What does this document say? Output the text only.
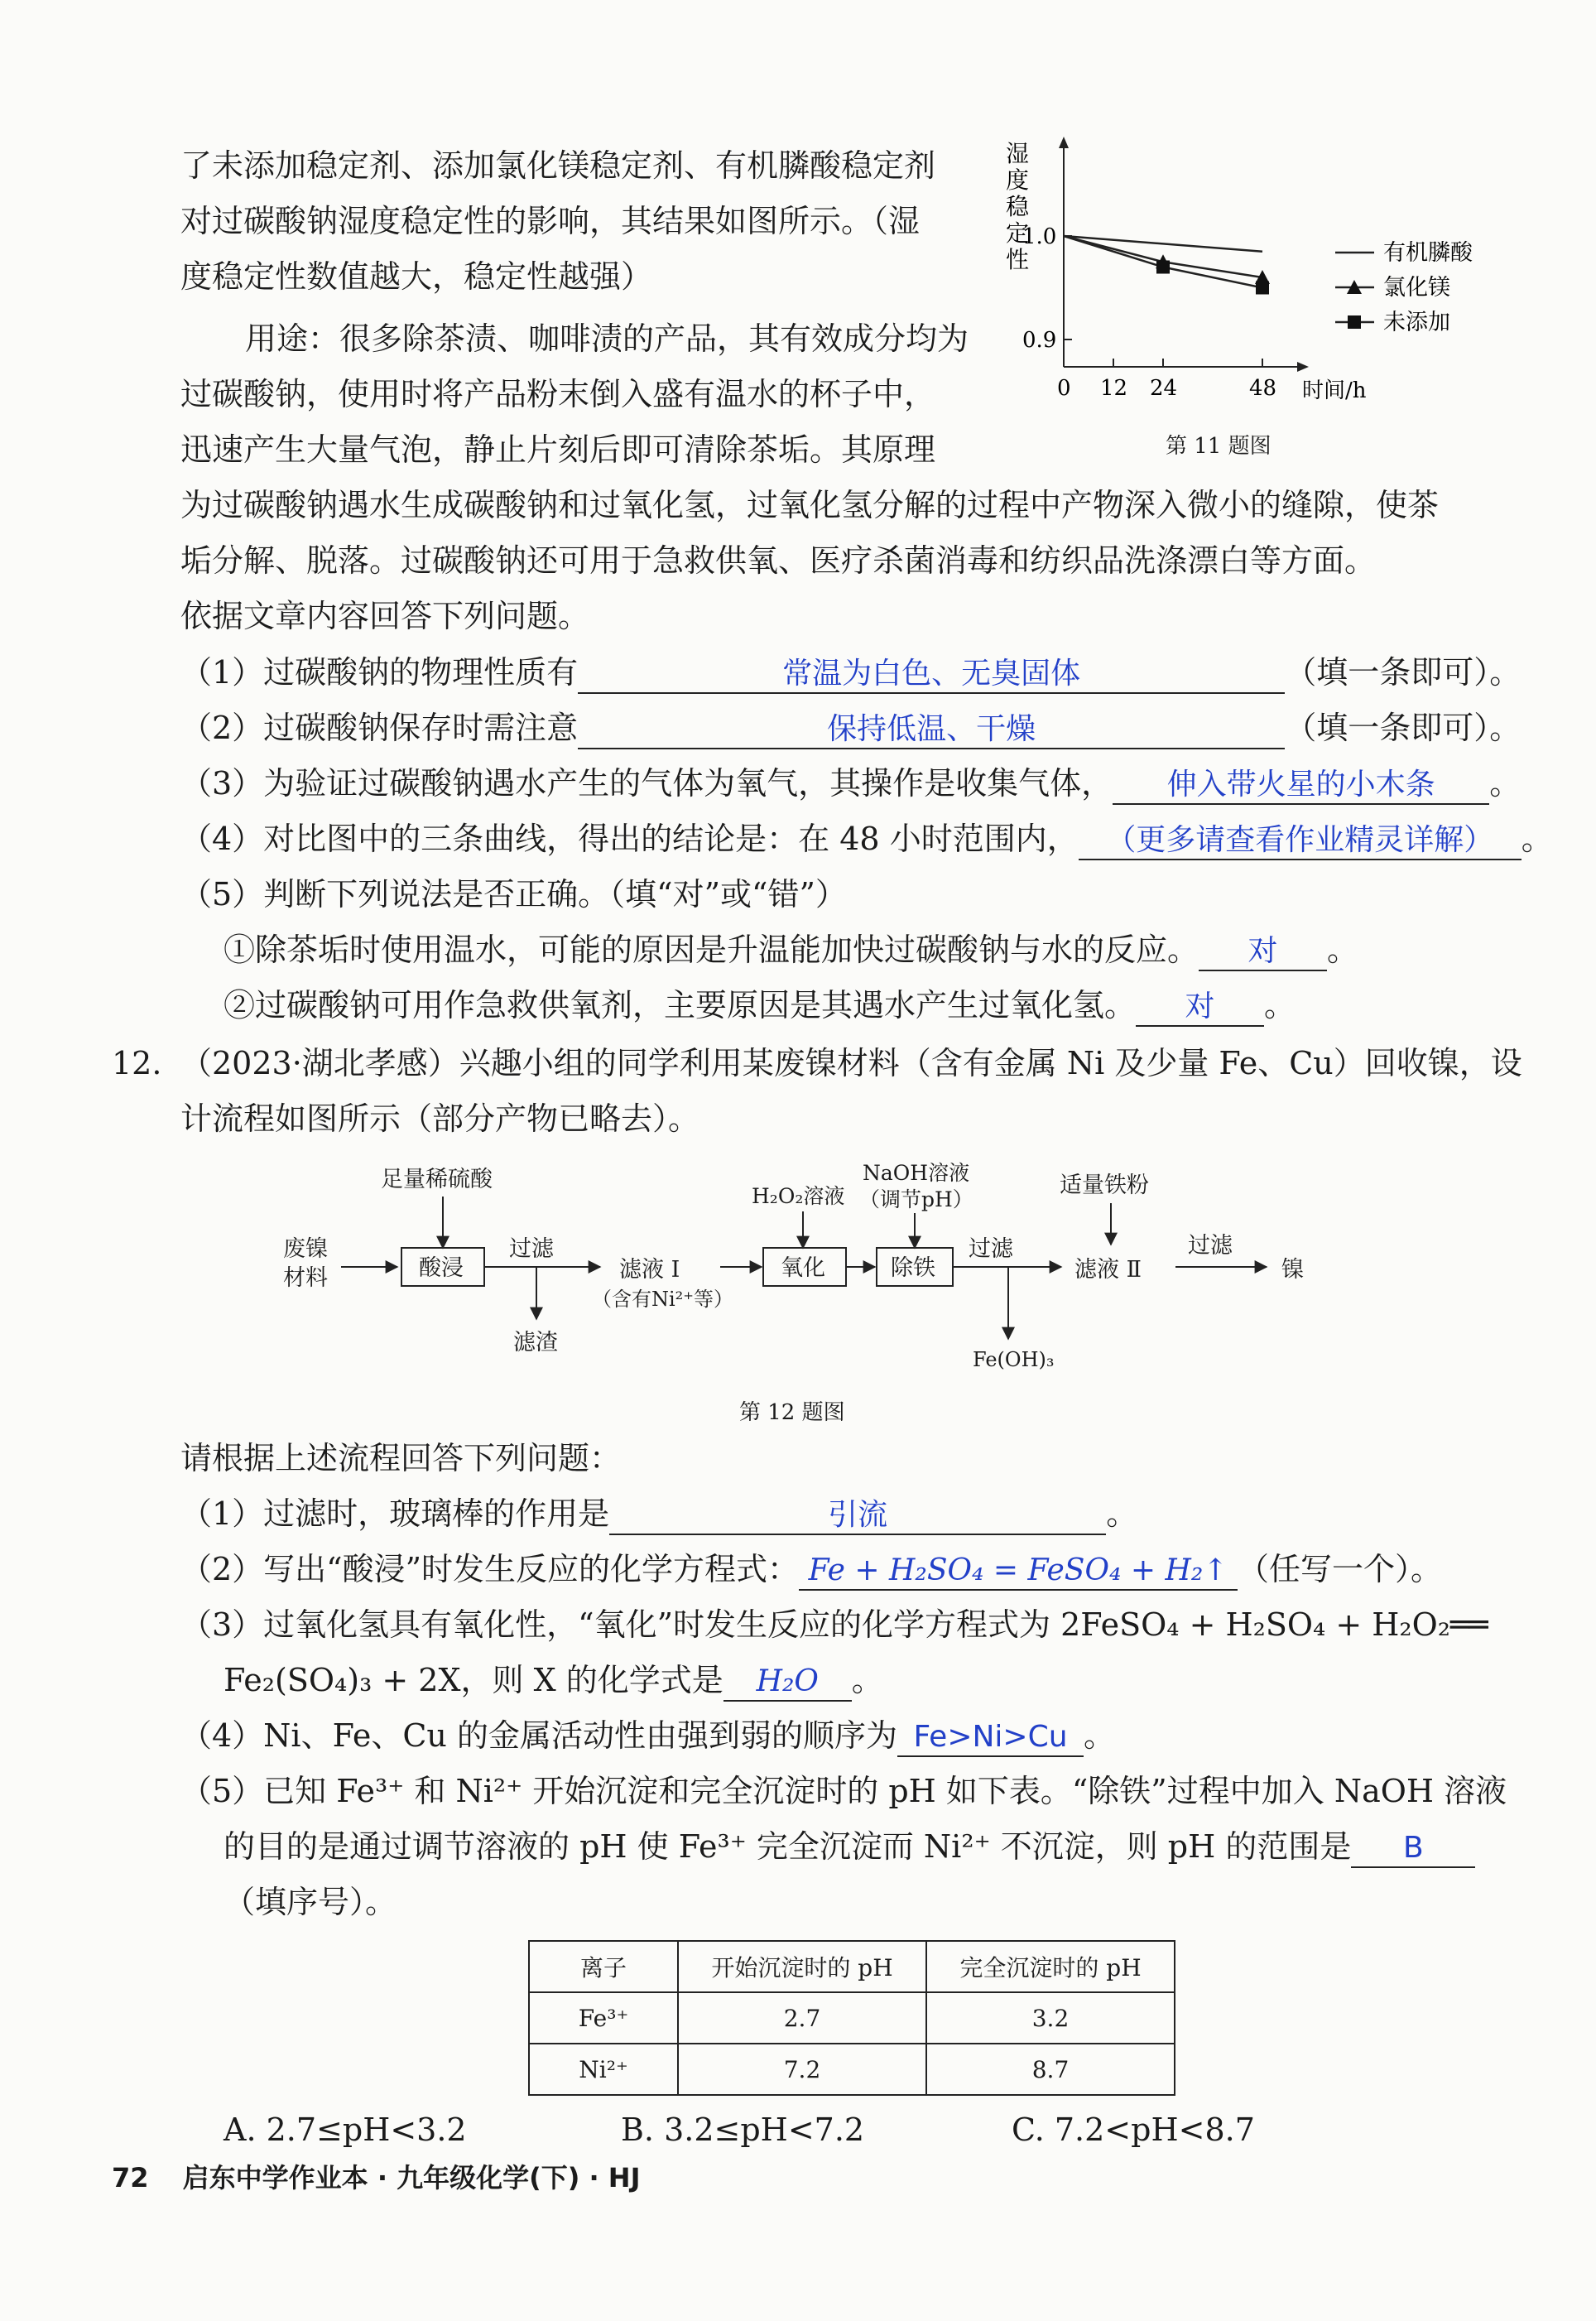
了未添加稳定剂、添加氯化镁稳定剂、有机膦酸稳定剂
对过碳酸钠湿度稳定性的影响，其结果如图所示。（湿
度稳定性数值越大，稳定性越强）
用途：很多除茶渍、咖啡渍的产品，其有效成分均为
过碳酸钠，使用时将产品粉末倒入盛有温水的杯子中，
迅速产生大量气泡，静止片刻后即可清除茶垢。其原理
为过碳酸钠遇水生成碳酸钠和过氧化氢，过氧化氢分解的过程中产物深入微小的缝隙，使茶
垢分解、脱落。过碳酸钠还可用于急救供氧、医疗杀菌消毒和纺织品洗涤漂白等方面。
依据文章内容回答下列问题。
湿
度
稳
定
性
1.0
0.9
0 12 24	48 时间/h
有机膦酸
氯化镁
未添加
第 11 题图
（1）过碳酸钠的物理性质有	常温为白色、无臭固体	（填一条即可）。
（2）过碳酸钠保存时需注意	保持低温、干燥	（填一条即可）。
（3）为验证过碳酸钠遇水产生的气体为氧气，其操作是收集气体， 伸入带火星的小木条 。
（4）对比图中的三条曲线，得出的结论是：在 48 小时范围内， （更多请查看作业精灵详解） 。
（5）判断下列说法是否正确。（填“对”或“错”）
①除茶垢时使用温水，可能的原因是升温能加快过碳酸钠与水的反应。 对 。
②过碳酸钠可用作急救供氧剂，主要原因是其遇水产生过氧化氢。 对 。
12. （2023·湖北孝感）兴趣小组的同学利用某废镍材料（含有金属 Ni 及少量 Fe、Cu）回收镍，设
计流程如图所示（部分产物已略去）。
废镍
材料
足量稀硫酸
酸浸
过滤
滤渣
滤液 Ⅰ
（含有Ni²⁺等）
H₂O₂溶液
氧化
NaOH溶液
（调节pH）
除铁
过滤
Fe(OH)₃
适量铁粉
滤液 Ⅱ
过滤
镍
第 12 题图
请根据上述流程回答下列问题：
（1）过滤时，玻璃棒的作用是	引流	。
（2）写出“酸浸”时发生反应的化学方程式： Fe + H₂SO₄ = FeSO₄ + H₂↑ （任写一个）。
（3）过氧化氢具有氧化性，“氧化”时发生反应的化学方程式为 2FeSO₄ + H₂SO₄ + H₂O₂══
Fe₂(SO₄)₃ + 2X，则 X 的化学式是 H₂O 。
（4）Ni、Fe、Cu 的金属活动性由强到弱的顺序为 Fe>Ni>Cu 。
（5）已知 Fe³⁺ 和 Ni²⁺ 开始沉淀和完全沉淀时的 pH 如下表。“除铁”过程中加入 NaOH 溶液
的目的是通过调节溶液的 pH 使 Fe³⁺ 完全沉淀而 Ni²⁺ 不沉淀，则 pH 的范围是 B
（填序号）。
离子	开始沉淀时的 pH	完全沉淀时的 pH
Fe³⁺	2.7	3.2
Ni²⁺	7.2	8.7
A. 2.7≤pH<3.2	B. 3.2≤pH<7.2	C. 7.2<pH<8.7
72 启东中学作业本 · 九年级化学(下) · HJ
